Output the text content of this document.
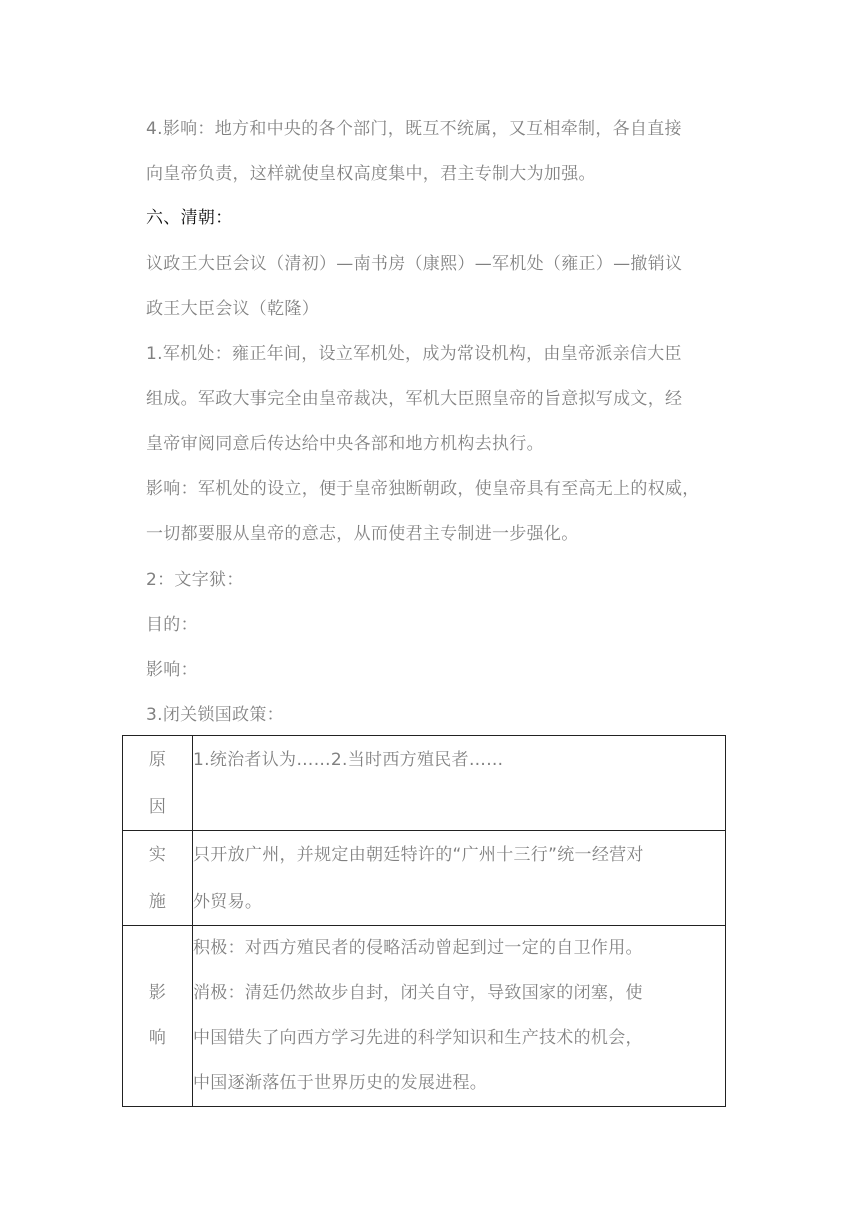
4.影响：地方和中央的各个部门，既互不统属，又互相牵制，各自直接
向皇帝负责，这样就使皇权高度集中，君主专制大为加强。
六、清朝：
议政王大臣会议（清初）—南书房（康熙）—军机处（雍正）—撤销议
政王大臣会议（乾隆）
1.军机处：雍正年间，设立军机处，成为常设机构，由皇帝派亲信大臣
组成。军政大事完全由皇帝裁决，军机大臣照皇帝的旨意拟写成文，经
皇帝审阅同意后传达给中央各部和地方机构去执行。
影响：军机处的设立，便于皇帝独断朝政，使皇帝具有至高无上的权威，
一切都要服从皇帝的意志，从而使君主专制进一步强化。
2：文字狱：
目的：
影响：
3.闭关锁国政策：
原
因	1.统治者认为……2.当时西方殖民者……

实
施	只开放广州，并规定由朝廷特许的“广州十三行”统一经营对
外贸易。

影
响	积极：对西方殖民者的侵略活动曾起到过一定的自卫作用。
消极：清廷仍然故步自封，闭关自守，导致国家的闭塞，使
中国错失了向西方学习先进的科学知识和生产技术的机会，
中国逐渐落伍于世界历史的发展进程。
